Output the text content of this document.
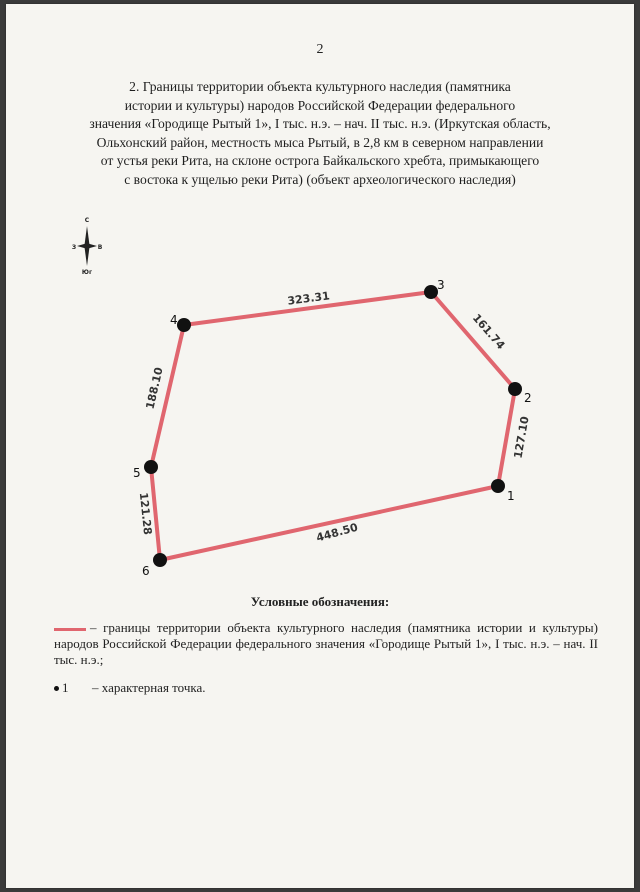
2
2. Границы территории объекта культурного наследия (памятника
истории и культуры) народов Российской Федерации федерального
значения «Городище Рытый 1», I тыс. н.э. – нач. II тыс. н.э. (Иркутская область,
Ольхонский район, местность мыса Рытый, в 2,8 км в северном направлении
от устья реки Рита, на склоне острога Байкальского хребта, примыкающего
с востока к ущелью реки Рита) (объект археологического наследия)
С
З	В
Юг
127.10
161.74
323.31
188.10
121.28	448.50
1
2
3
4
5
6
Условные обозначения:
– границы территории объекта культурного наследия (памятника истории и культуры) народов Российской Федерации федерального значения «Городище Рытый 1», I тыс. н.э. – нач. II тыс. н.э.;
1 – характерная точка.
